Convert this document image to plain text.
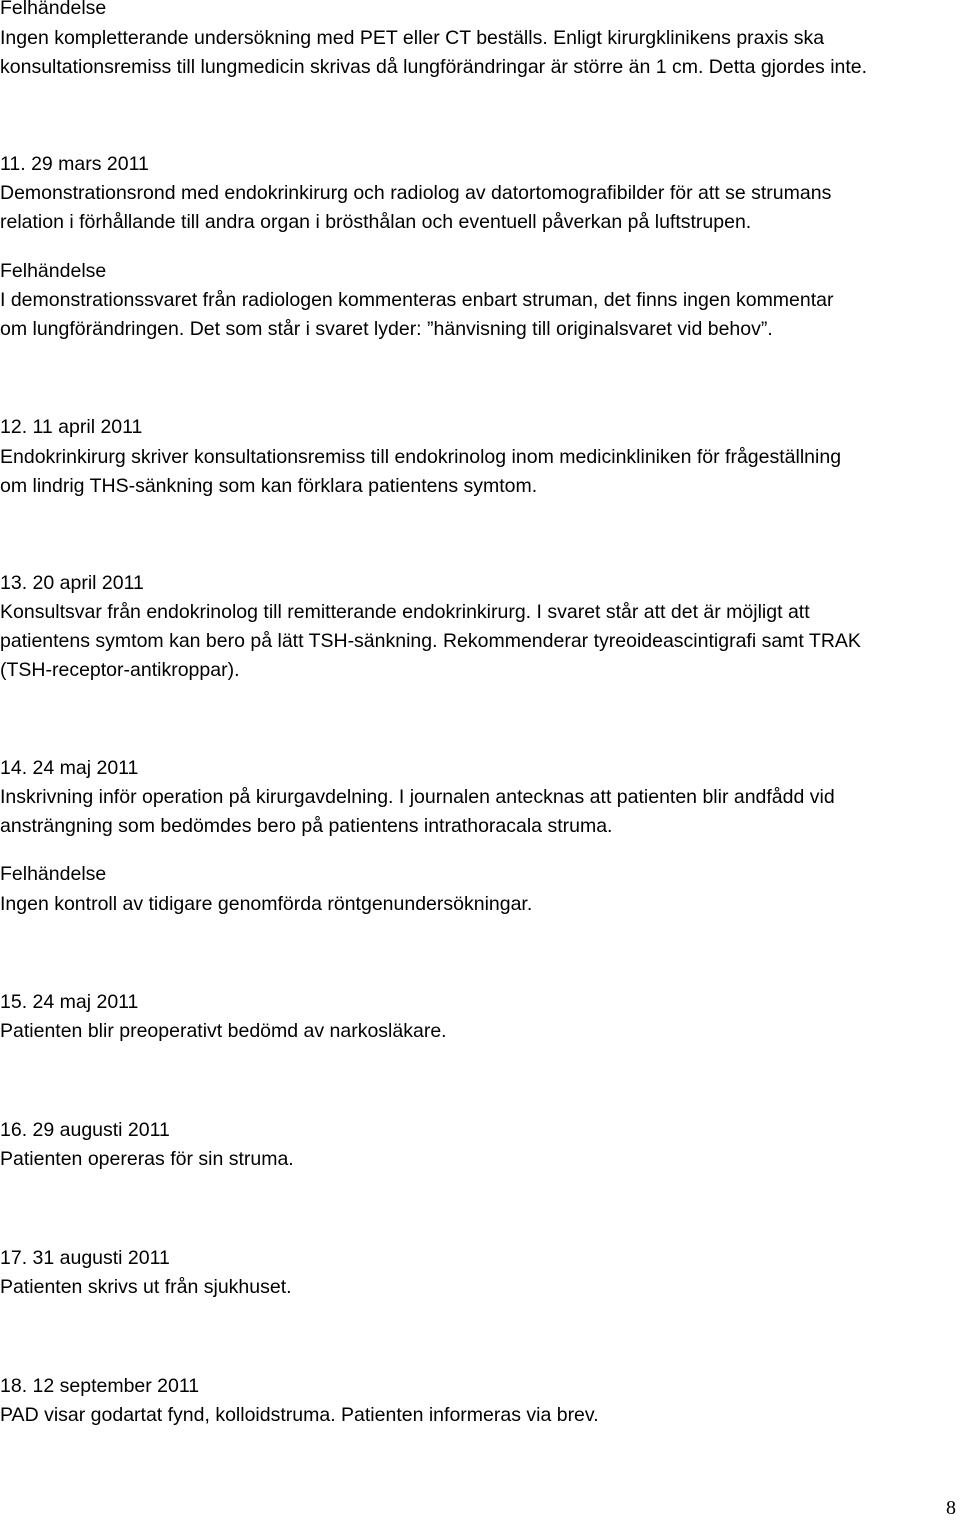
Felhändelse
Ingen kompletterande undersökning med PET eller CT beställs. Enligt kirurgklinikens praxis ska
konsultationsremiss till lungmedicin skrivas då lungförändringar är större än 1 cm. Detta gjordes inte.
11. 29 mars 2011
Demonstrationsrond med endokrinkirurg och radiolog av datortomografibilder för att se strumans
relation i förhållande till andra organ i brösthålan och eventuell påverkan på luftstrupen.
Felhändelse
I demonstrationssvaret från radiologen kommenteras enbart struman, det finns ingen kommentar
om lungförändringen. Det som står i svaret lyder: ”hänvisning till originalsvaret vid behov”.
12. 11 april 2011
Endokrinkirurg skriver konsultationsremiss till endokrinolog inom medicinkliniken för frågeställning
om lindrig THS-sänkning som kan förklara patientens symtom.
13. 20 april 2011
Konsultsvar från endokrinolog till remitterande endokrinkirurg. I svaret står att det är möjligt att
patientens symtom kan bero på lätt TSH-sänkning. Rekommenderar tyreoideascintigrafi samt TRAK
(TSH-receptor-antikroppar).
14. 24 maj 2011
Inskrivning inför operation på kirurgavdelning. I journalen antecknas att patienten blir andfådd vid
ansträngning som bedömdes bero på patientens intrathoracala struma.
Felhändelse
Ingen kontroll av tidigare genomförda röntgenundersökningar.
15. 24 maj 2011
Patienten blir preoperativt bedömd av narkosläkare.
16. 29 augusti 2011
Patienten opereras för sin struma.
17. 31 augusti 2011
Patienten skrivs ut från sjukhuset.
18. 12 september 2011
PAD visar godartat fynd, kolloidstruma. Patienten informeras via brev.
8
